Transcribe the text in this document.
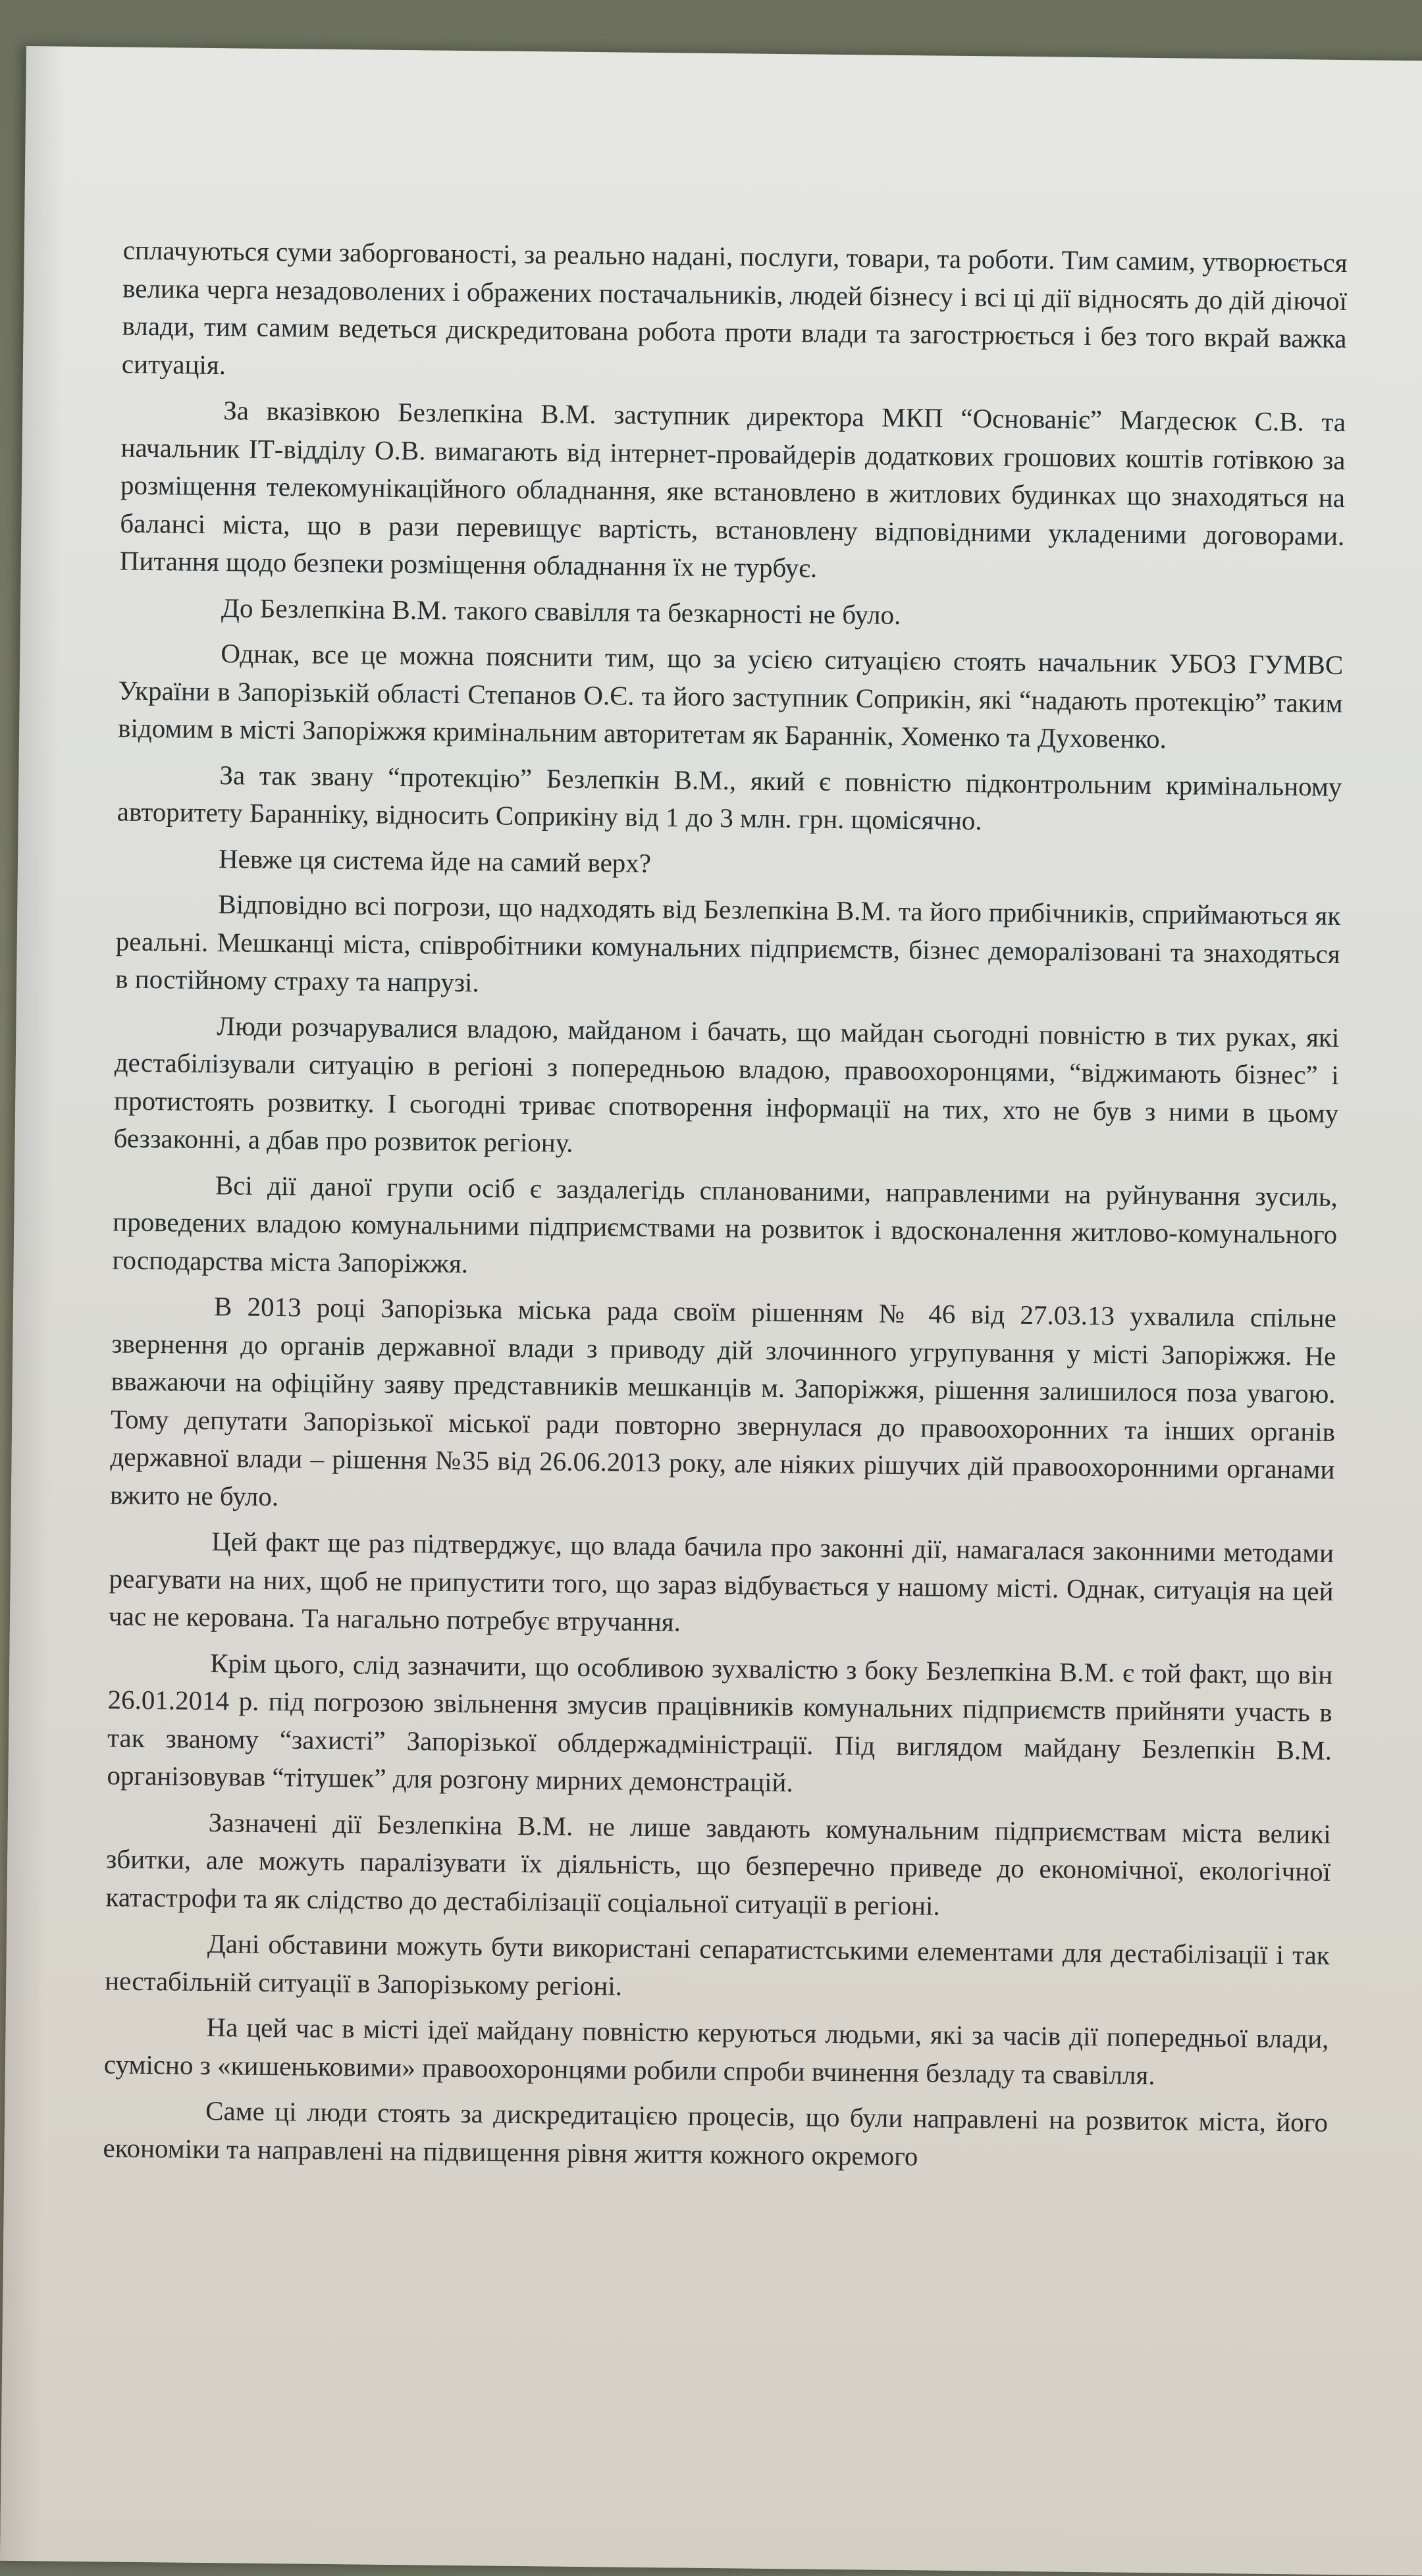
сплачуються суми заборгованості, за реально надані, послуги, товари, та роботи. Тим самим, утворюється велика черга незадоволених і ображених постачальників, людей бізнесу і всі ці дії відносять до дій діючої влади, тим самим ведеться дискредитована робота проти влади та загострюється і без того вкрай важка ситуація.

За вказівкою Безлепкіна В.М. заступник директора МКП “Основаніє” Магдесюк С.В. та начальник ІТ-відділу О.В. вимагають від інтернет-провайдерів додаткових грошових коштів готівкою за розміщення телекомунікаційного обладнання, яке встановлено в житлових будинках що знаходяться на балансі міста, що в рази перевищує вартість, встановлену відповідними укладеними договорами. Питання щодо безпеки розміщення обладнання їх не турбує.

До Безлепкіна В.М. такого свавілля та безкарності не було.

Однак, все це можна пояснити тим, що за усією ситуацією стоять начальник УБОЗ ГУМВС України в Запорізькій області Степанов О.Є. та його заступник Соприкін, які “надають протекцію” таким відомим в місті Запоріжжя кримінальним авторитетам як Бараннік, Хоменко та Духовенко.

За так звану “протекцію” Безлепкін В.М., який є повністю підконтрольним кримінальному авторитету Баранніку, відносить Соприкіну від 1 до 3 млн. грн. щомісячно.

Невже ця система йде на самий верх?

Відповідно всі погрози, що надходять від Безлепкіна В.М. та його прибічників, сприймаються як реальні. Мешканці міста, співробітники комунальних підприємств, бізнес деморалізовані та знаходяться в постійному страху та напрузі.

Люди розчарувалися владою, майданом і бачать, що майдан сьогодні повністю в тих руках, які дестабілізували ситуацію в регіоні з попередньою владою, правоохоронцями, “віджимають бізнес” і протистоять розвитку. І сьогодні триває спотворення інформації на тих, хто не був з ними в цьому беззаконні, а дбав про розвиток регіону.

Всі дії даної групи осіб є заздалегідь спланованими, направленими на руйнування зусиль, проведених владою комунальними підприємствами на розвиток і вдосконалення житлово-комунального господарства міста Запоріжжя.

В 2013 році Запорізька міська рада своїм рішенням № 46 від 27.03.13 ухвалила спільне звернення до органів державної влади з приводу дій злочинного угрупування у місті Запоріжжя. Не вважаючи на офіційну заяву представників мешканців м. Запоріжжя, рішення залишилося поза увагою. Тому депутати Запорізької міської ради повторно звернулася до правоохоронних та інших органів державної влади – рішення №35 від 26.06.2013 року, але ніяких рішучих дій правоохоронними органами вжито не було.

Цей факт ще раз підтверджує, що влада бачила про законні дії, намагалася законними методами реагувати на них, щоб не припустити того, що зараз відбувається у нашому місті. Однак, ситуація на цей час не керована. Та нагально потребує втручання.

Крім цього, слід зазначити, що особливою зухвалістю з боку Безлепкіна В.М. є той факт, що він 26.01.2014 р. під погрозою звільнення змусив працівників комунальних підприємств прийняти участь в так званому “захисті” Запорізької облдержадміністрації. Під виглядом майдану Безлепкін В.М. організовував “тітушек” для розгону мирних демонстрацій.

Зазначені дії Безлепкіна В.М. не лише завдають комунальним підприємствам міста великі збитки, але можуть паралізувати їх діяльність, що безперечно приведе до економічної, екологічної катастрофи та як слідство до дестабілізації соціальної ситуації в регіоні.

Дані обставини можуть бути використані сепаратистськими елементами для дестабілізації і так нестабільній ситуації в Запорізькому регіоні.

На цей час в місті ідеї майдану повністю керуються людьми, які за часів дії попередньої влади, сумісно з «кишеньковими» правоохоронцями робили спроби вчинення безладу та свавілля.

Саме ці люди стоять за дискредитацією процесів, що були направлені на розвиток міста, його економіки та направлені на підвищення рівня життя кожного окремого
